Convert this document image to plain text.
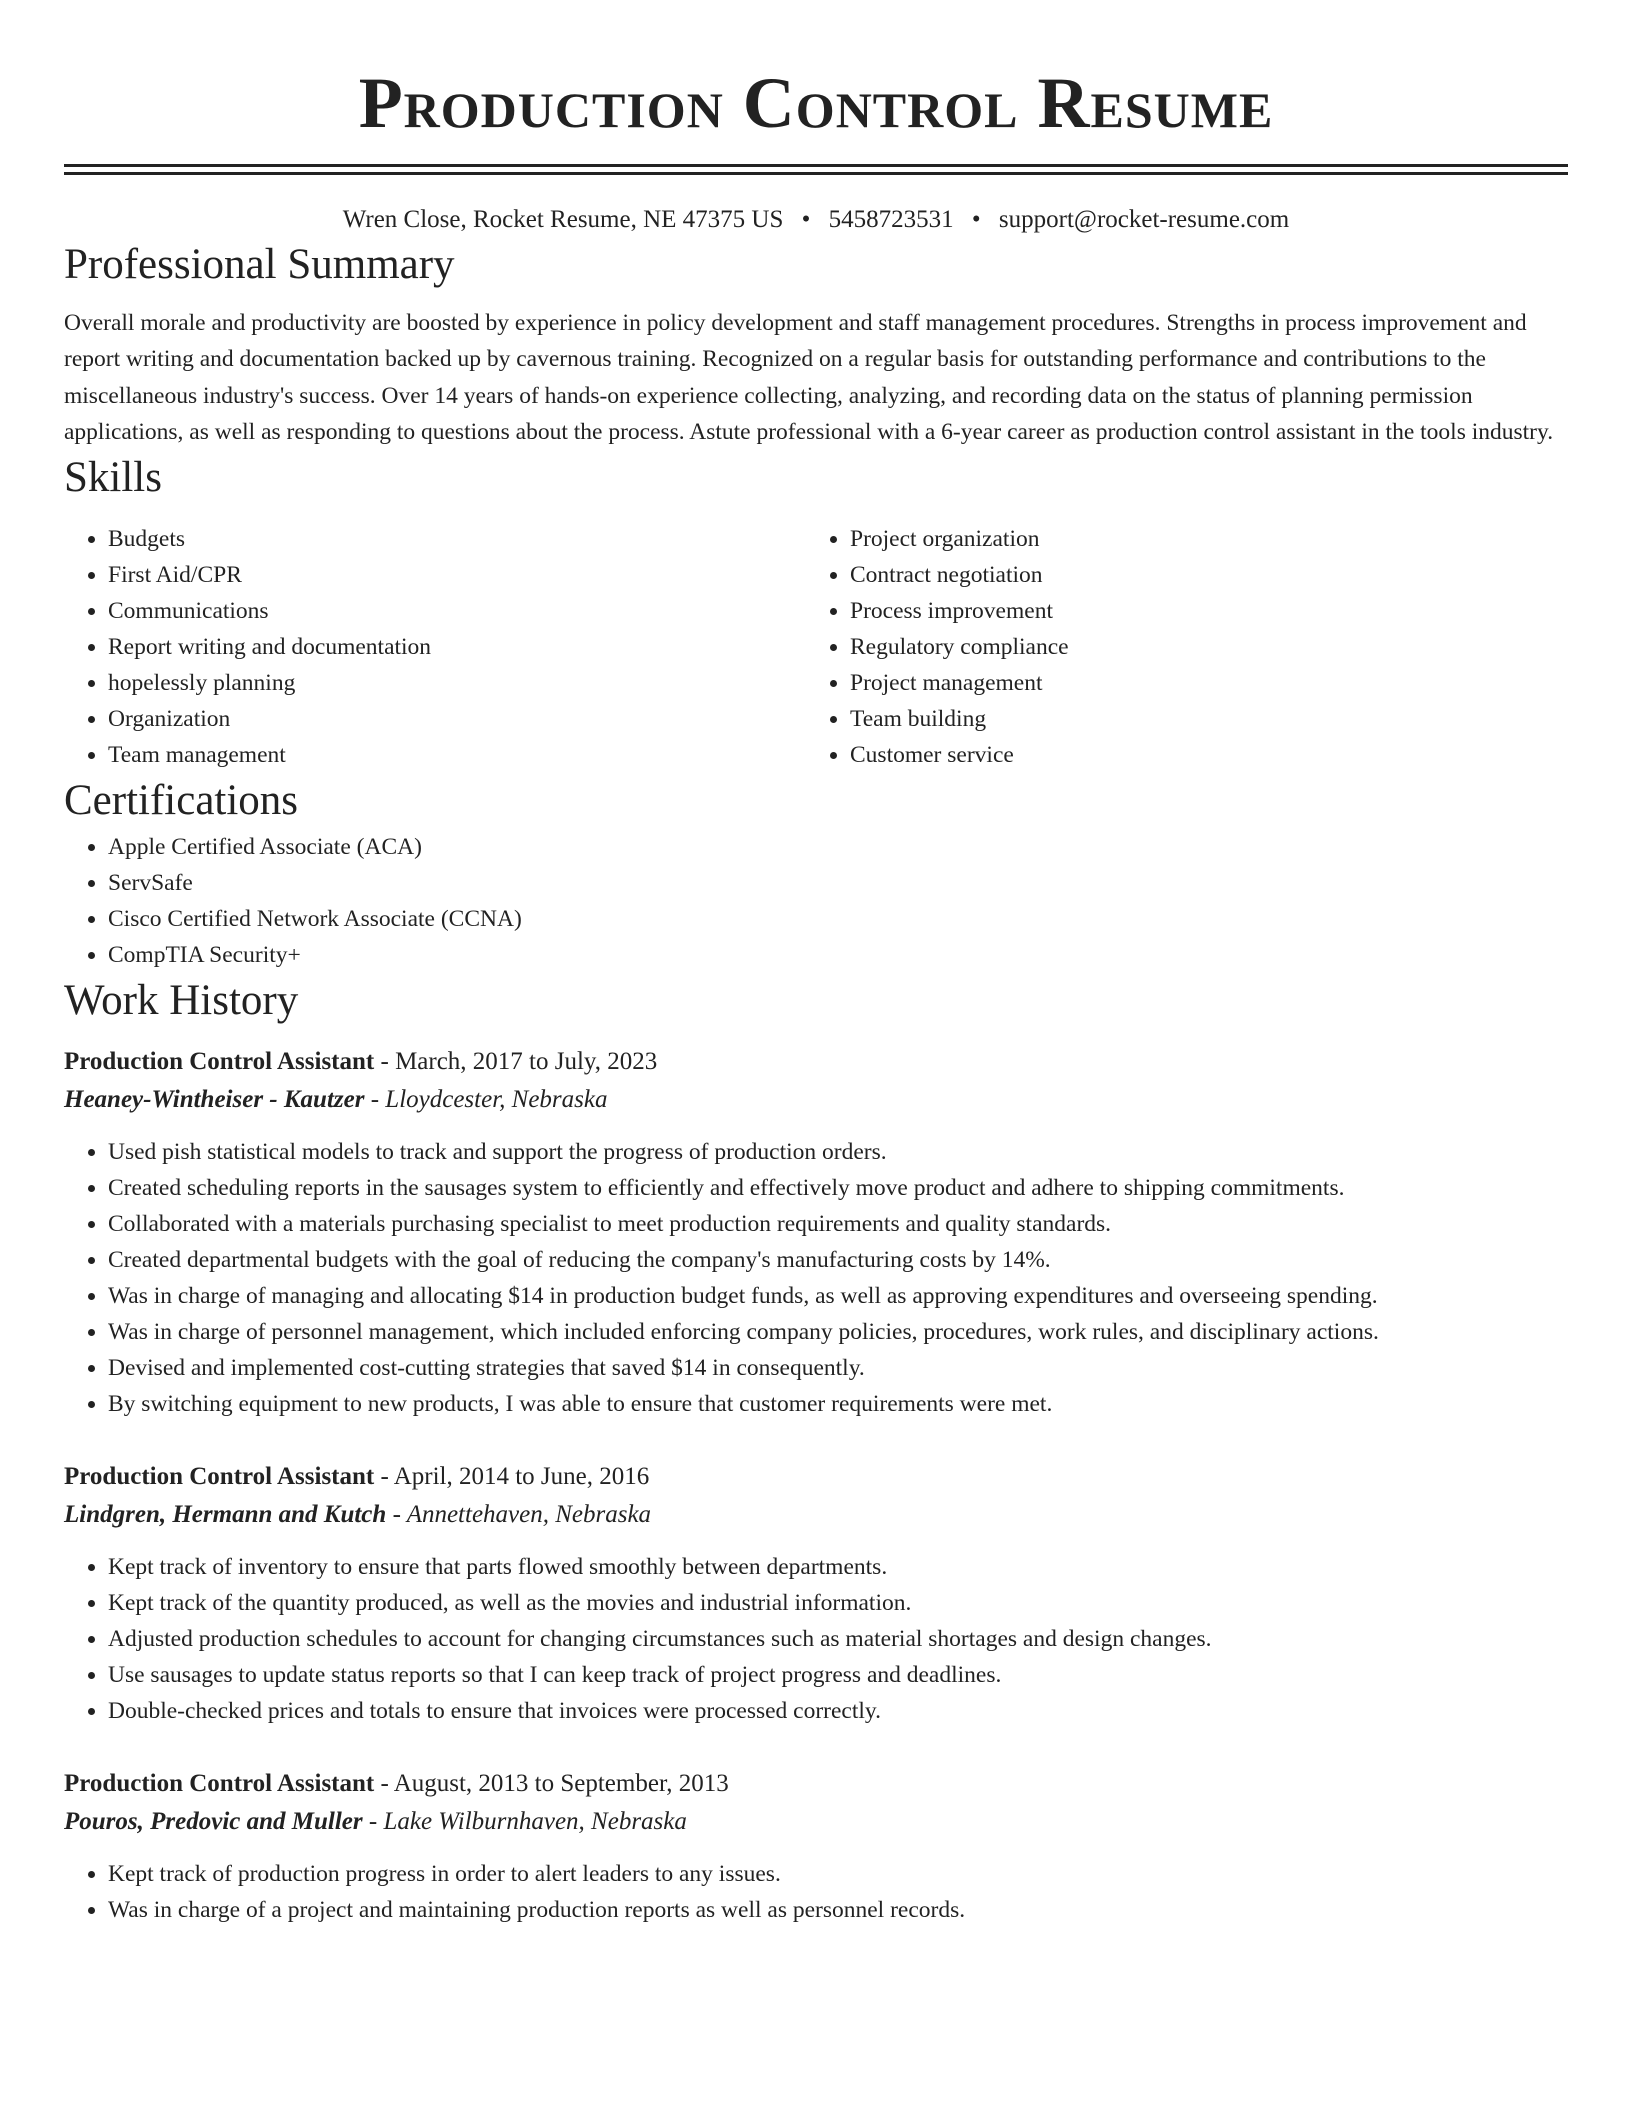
Production Control Resume
Wren Close, Rocket Resume, NE 47375 US • 5458723531 • support@rocket-resume.com
Professional Summary

Overall morale and productivity are boosted by experience in policy development and staff management procedures. Strengths in process improvement and report writing and documentation backed up by cavernous training. Recognized on a regular basis for outstanding performance and contributions to the miscellaneous industry's success. Over 14 years of hands-on experience collecting, analyzing, and recording data on the status of planning permission applications, as well as responding to questions about the process. Astute professional with a 6-year career as production control assistant in the tools industry.

Skills
• Budgets
• First Aid/CPR
• Communications
• Report writing and documentation
• hopelessly planning
• Organization
• Team management
• Project organization
• Contract negotiation
• Process improvement
• Regulatory compliance
• Project management
• Team building
• Customer service
Certifications
• Apple Certified Associate (ACA)
• ServSafe
• Cisco Certified Network Associate (CCNA)
• CompTIA Security+
Work History
Production Control Assistant - March, 2017 to July, 2023
Heaney-Wintheiser - Kautzer - Lloydcester, Nebraska
• Used pish statistical models to track and support the progress of production orders.
• Created scheduling reports in the sausages system to efficiently and effectively move product and adhere to shipping commitments.
• Collaborated with a materials purchasing specialist to meet production requirements and quality standards.
• Created departmental budgets with the goal of reducing the company's manufacturing costs by 14%.
• Was in charge of managing and allocating $14 in production budget funds, as well as approving expenditures and overseeing spending.
• Was in charge of personnel management, which included enforcing company policies, procedures, work rules, and disciplinary actions.
• Devised and implemented cost-cutting strategies that saved $14 in consequently.
• By switching equipment to new products, I was able to ensure that customer requirements were met.
Production Control Assistant - April, 2014 to June, 2016
Lindgren, Hermann and Kutch - Annettehaven, Nebraska
• Kept track of inventory to ensure that parts flowed smoothly between departments.
• Kept track of the quantity produced, as well as the movies and industrial information.
• Adjusted production schedules to account for changing circumstances such as material shortages and design changes.
• Use sausages to update status reports so that I can keep track of project progress and deadlines.
• Double-checked prices and totals to ensure that invoices were processed correctly.
Production Control Assistant - August, 2013 to September, 2013
Pouros, Predovic and Muller - Lake Wilburnhaven, Nebraska
• Kept track of production progress in order to alert leaders to any issues.
• Was in charge of a project and maintaining production reports as well as personnel records.
